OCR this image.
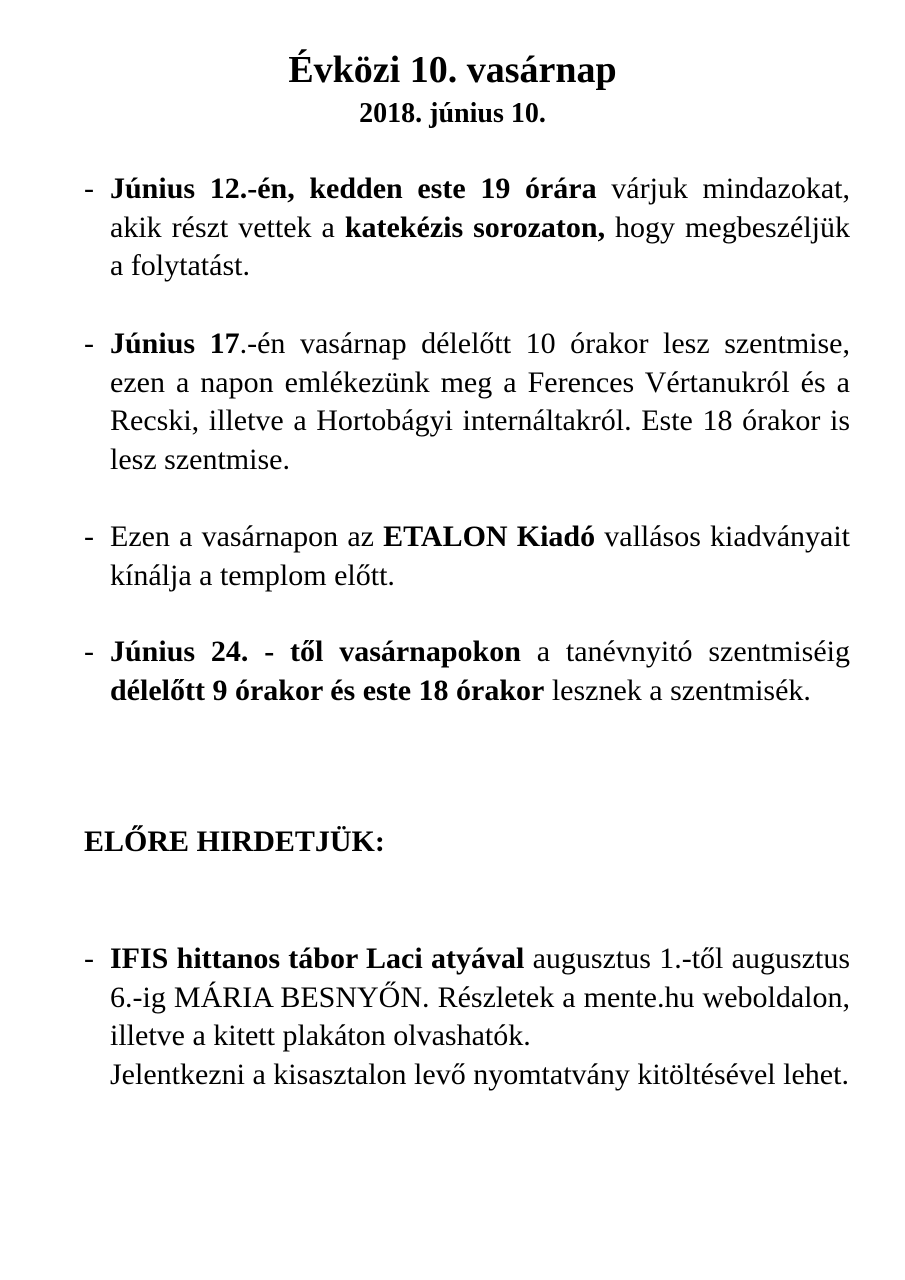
Évközi 10. vasárnap
2018. június 10.
- Június 12.-én, kedden este 19 órára várjuk mindazokat, akik részt vettek a katekézis sorozaton, hogy megbeszéljük a folytatást.
- Június 17.-én vasárnap délelőtt 10 órakor lesz szentmise, ezen a napon emlékezünk meg a Ferences Vértanukról és a Recski, illetve a Hortobágyi internáltakról. Este 18 órakor is lesz szentmise.
- Ezen a vasárnapon az ETALON Kiadó vallásos kiadványait kínálja a templom előtt.
- Június 24. - től vasárnapokon a tanévnyitó szentmiséig délelőtt 9 órakor és este 18 órakor lesznek a szentmisék.
ELŐRE HIRDETJÜK:
- IFIS hittanos tábor Laci atyával augusztus 1.-től augusztus 6.-ig MÁRIA BESNYŐN. Részletek a mente.hu weboldalon, illetve a kitett plakáton olvashatók.
Jelentkezni a kisasztalon levő nyomtatvány kitöltésével lehet.
